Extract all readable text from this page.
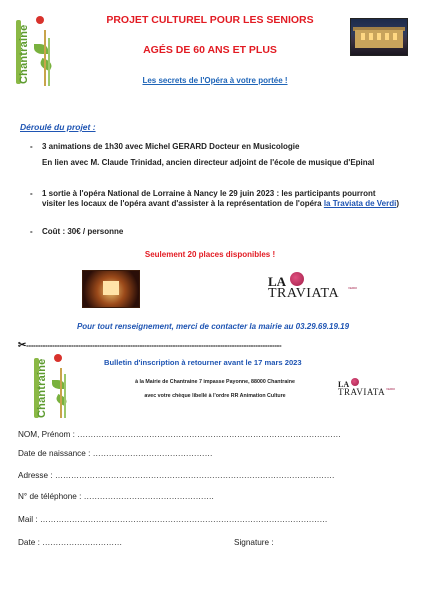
Chantraine
PROJET CULTUREL POUR LES SENIORS
AGÉS DE 60 ANS ET PLUS
Les secrets de l'Opéra à votre portée !
Déroulé du projet :
- 3 animations de 1h30 avec Michel GERARD Docteur en Musicologie
En lien avec M. Claude Trinidad, ancien directeur adjoint de l'école de musique d'Epinal
- 1 sortie à l'opéra National de Lorraine à Nancy le 29 juin 2023 : les participants pourront visiter les locaux de l'opéra avant d'assister à la représentation de l'opéra la Traviata de Verdi)
- Coût : 30€ / personne
Seulement 20 places disponibles !
LA
TRAVIATA	VERDI
Pour tout renseignement, merci de contacter la mairie au 03.29.69.19.19
✂------------------------------------------------------------------------------------------------------------
Chantraine	Bulletin d'inscription à retourner avant le 17 mars 2023
à la Mairie de Chantraine 7 impasse Payonne, 88000 Chantraine
avec votre chèque libellé à l'ordre RR Animation Culture
LA
TRAVIATA VERDI
NOM, Prénom : ………………………………………………………………………………………
Date de naissance : ………………………………………
Adresse : ……………………………………………………………………………………………
N° de téléphone : ………………………………………….
Mail : ………………………………………………………………………………………………
Date : …………………………	Signature :
